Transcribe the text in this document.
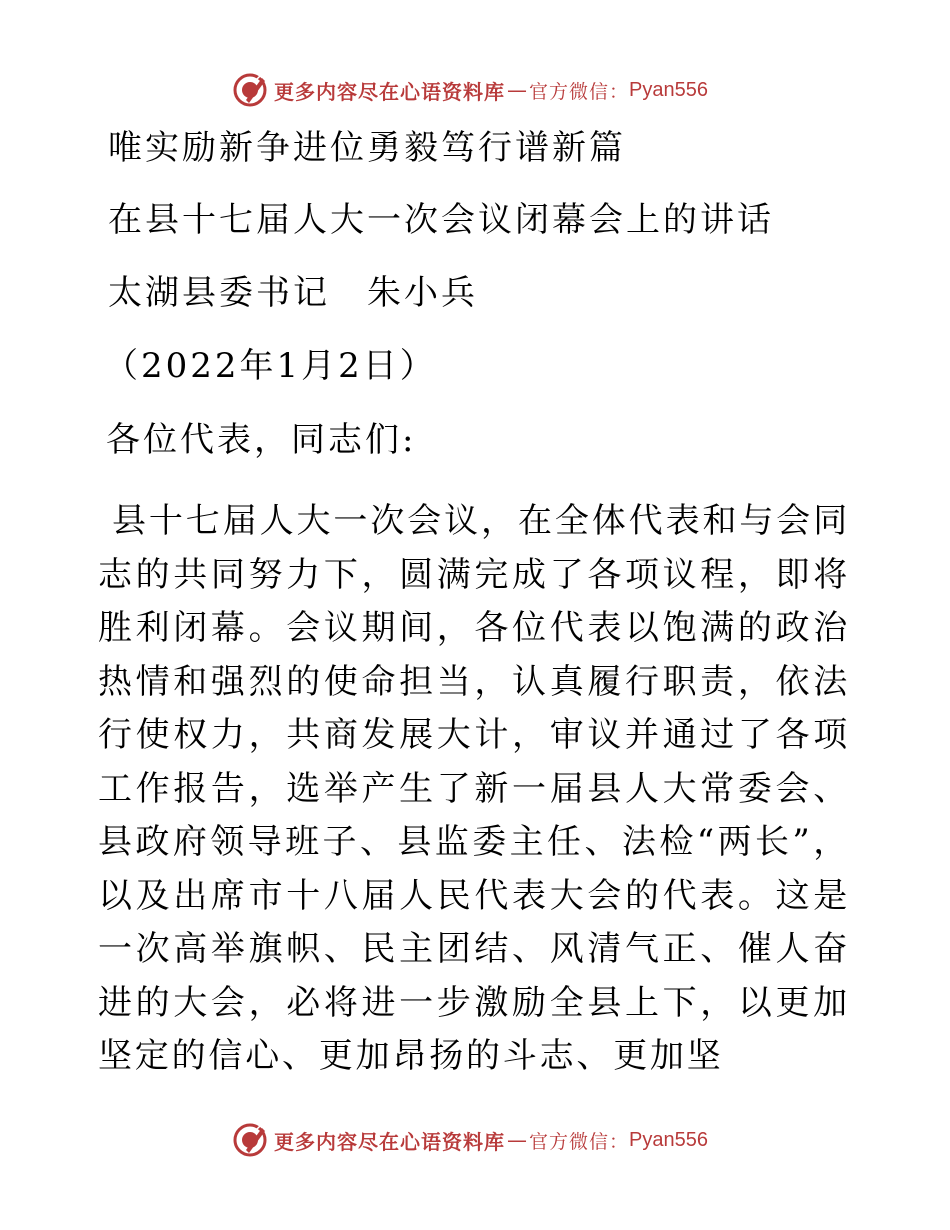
更多内容尽在心语资料库 — 官方微信： Pyan556
唯实励新争进位勇毅笃行谱新篇
在县十七届人大一次会议闭幕会上的讲话
太湖县委书记　朱小兵
（2022年1月2日）
各位代表，同志们:

县十七届人大一次会议，在全体代表和与会同志的共同努力下，圆满完成了各项议程，即将胜利闭幕。会议期间，各位代表以饱满的政治热情和强烈的使命担当，认真履行职责，依法行使权力，共商发展大计，审议并通过了各项工作报告，选举产生了新一届县人大常委会、县政府领导班子、县监委主任、法检“两长”，以及出席市十八届人民代表大会的代表。这是一次高举旗帜、民主团结、风清气正、催人奋进的大会，必将进一步激励全县上下，以更加坚定的信心、更加昂扬的斗志、更加坚

更多内容尽在心语资料库 — 官方微信： Pyan556
